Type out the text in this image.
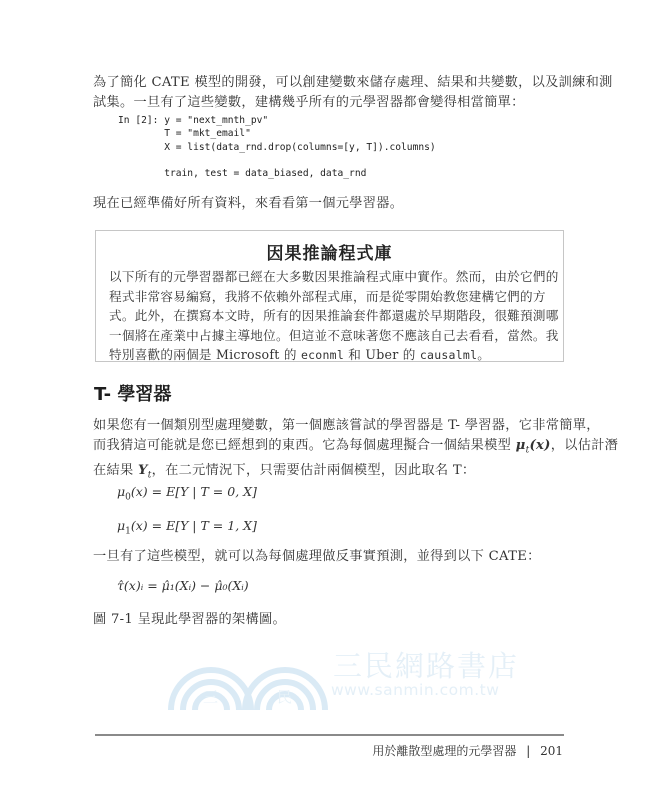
為了簡化 CATE 模型的開發，可以創建變數來儲存處理、結果和共變數，以及訓練和測

試集。一旦有了這些變數，建構幾乎所有的元學習器都會變得相當簡單：

In [2]: y = "next_mnth_pv"
T = "mkt_email"
X = list(data_rnd.drop(columns=[y, T]).columns)

train, test = data_biased, data_rnd

現在已經準備好所有資料，來看看第一個元學習器。

因果推論程式庫

以下所有的元學習器都已經在大多數因果推論程式庫中實作。然而，由於它們的

程式非常容易編寫，我將不依賴外部程式庫，而是從零開始教您建構它們的方

式。此外，在撰寫本文時，所有的因果推論套件都還處於早期階段，很難預測哪

一個將在產業中占據主導地位。但這並不意味著您不應該自己去看看，當然。我

特別喜歡的兩個是 Microsoft 的 econml 和 Uber 的 causalml。

T- 學習器

如果您有一個類別型處理變數，第一個應該嘗試的學習器是 T- 學習器，它非常簡單，

而我猜這可能就是您已經想到的東西。它為每個處理擬合一個結果模型 $\mu_t(x)$，以估計潛

在結果 $Y_t$，在二元情況下，只需要估計兩個模型，因此取名 T：

$\mu_0(x) = E[Y$ | T = 0, X]
$\mu_1(x) = E[Y$ | T = 1, X]

一旦有了這些模型，就可以為每個處理做反事實預測，並得到以下 CATE：

τ̂(x)ᵢ = μ̂₁(Xᵢ) − μ̂₀(Xᵢ)

圖 7-1 呈現此學習器的架構圖。

三	民
三民網路書店
www.sanmin.com.tw
用於離散型處理的元學習器 | 201
